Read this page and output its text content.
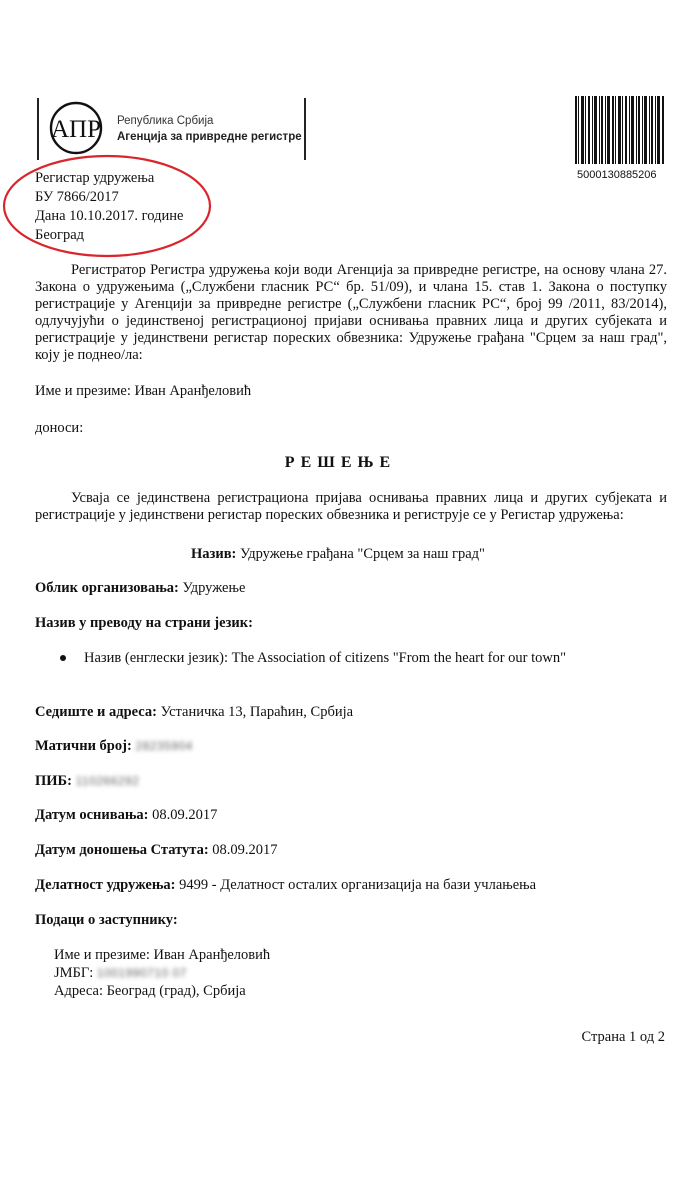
АПР Република Србија
Агенција за привредне регистре
5000130885206
Регистар удружења
БУ 7866/2017
Дана 10.10.2017. године
Београд
Регистратор Регистра удружења који води Агенција за привредне регистре, на основу члана 27. Закона о удружењима („Службени гласник РС“ бр. 51/09), и члана 15. став 1. Закона о поступку регистрације у Агенцији за привредне регистре („Службени гласник РС“, број 99 /2011, 83/2014), одлучујући о јединственој регистрационој пријави оснивања правних лица и других субјеката и регистрације у јединствени регистар пореских обвезника: Удружење грађана "Срцем за наш град", коју је поднео/ла:
Име и презиме: Иван Аранђеловић
доноси:
Р Е Ш Е Њ Е
Усваја се јединствена регистрациона пријава оснивања правних лица и других субјеката и регистрације у јединствени регистар пореских обвезника и региструје се у Регистар удружења:
Назив: Удружење грађана "Срцем за наш град"
Облик организовања: Удружење
Назив у преводу на страни језик:
Назив (енглески језик): The Association of citizens "From the heart for our town"
Седиште и адреса: Устаничка 13, Параћин, Србија
Матични број: 28235904
ПИБ: 110266292
Датум оснивања: 08.09.2017
Датум доношења Статута: 08.09.2017
Делатност удружења: 9499 - Делатност осталих организација на бази учлањења
Подаци о заступнику:
Име и презиме: Иван Аранђеловић
ЈМБГ: 1001990710 07
Адреса: Београд (град), Србија
Страна 1 од 2
